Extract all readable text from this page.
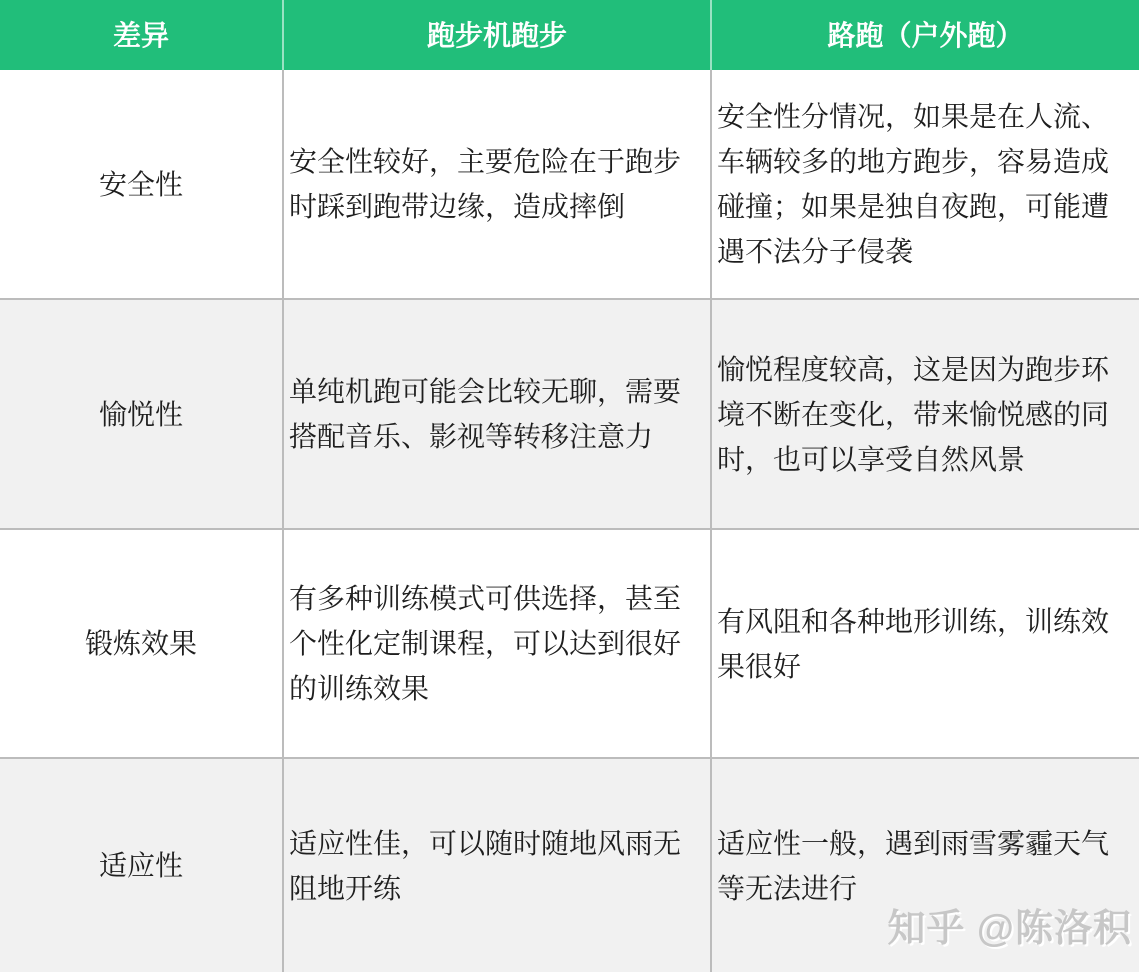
差异	跑步机跑步	路跑（户外跑）
安全性
安全性较好，主要危险在于跑步时踩到跑带边缘，造成摔倒
安全性分情况，如果是在人流、车辆较多的地方跑步，容易造成碰撞；如果是独自夜跑，可能遭遇不法分子侵袭
愉悦性
单纯机跑可能会比较无聊，需要搭配音乐、影视等转移注意力
愉悦程度较高，这是因为跑步环境不断在变化，带来愉悦感的同时，也可以享受自然风景
锻炼效果
有多种训练模式可供选择，甚至个性化定制课程，可以达到很好的训练效果
有风阻和各种地形训练，训练效果很好
适应性
适应性佳，可以随时随地风雨无阻地开练
适应性一般，遇到雨雪雾霾天气等无法进行
知乎 @陈洛积
